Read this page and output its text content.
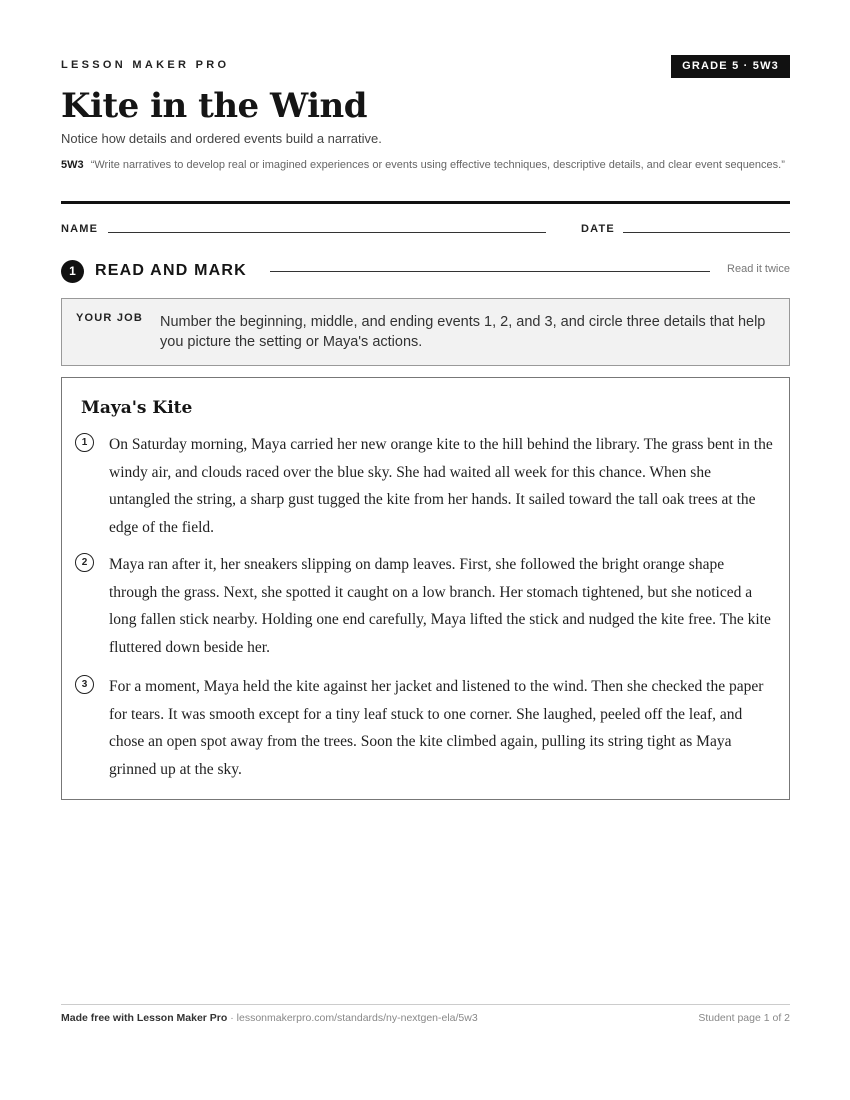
LESSON MAKER PRO	GRADE 5 · 5W3
Kite in the Wind
Notice how details and ordered events build a narrative.
5W3 “Write narratives to develop real or imagined experiences or events using effective techniques, descriptive details, and clear event sequences.”
NAME	DATE
1	READ AND MARK	Read it twice
YOUR JOB Number the beginning, middle, and ending events 1, 2, and 3, and circle three details that help you picture the setting or Maya's actions.
Maya's Kite
1	On Saturday morning, Maya carried her new orange kite to the hill behind the library. The grass bent in the windy air, and clouds raced over the blue sky. She had waited all week for this chance. When she untangled the string, a sharp gust tugged the kite from her hands. It sailed toward the tall oak trees at the edge of the field.

2	Maya ran after it, her sneakers slipping on damp leaves. First, she followed the bright orange shape through the grass. Next, she spotted it caught on a low branch. Her stomach tightened, but she noticed a long fallen stick nearby. Holding one end carefully, Maya lifted the stick and nudged the kite free. The kite fluttered down beside her.

3	For a moment, Maya held the kite against her jacket and listened to the wind. Then she checked the paper for tears. It was smooth except for a tiny leaf stuck to one corner. She laughed, peeled off the leaf, and chose an open spot away from the trees. Soon the kite climbed again, pulling its string tight as Maya grinned up at the sky.

Made free with Lesson Maker Pro · lessonmakerpro.com/standards/ny-nextgen-ela/5w3	Student page 1 of 2
